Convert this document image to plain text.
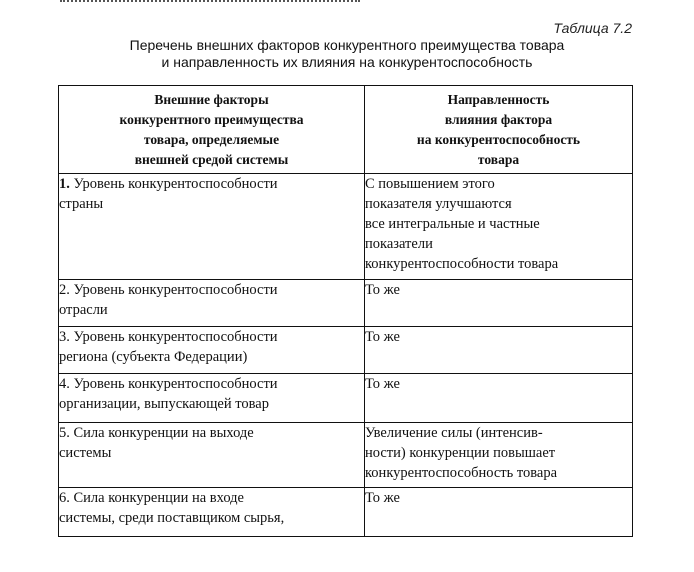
Таблица 7.2
Перечень внешних факторов конкурентного преимущества товара
и направленность их влияния на конкурентоспособность
Внешние факторы
конкурентного преимущества
товара, определяемые
внешней средой системы	Направленность
влияния фактора
на конкурентоспособность
товара

1. Уровень конкурентоспособности
страны	С повышением этого
показателя улучшаются
все интегральные и частные
показатели
конкурентоспособности товара

2. Уровень конкурентоспособности
отрасли	То же

3. Уровень конкурентоспособности
региона (субъекта Федерации)	То же

4. Уровень конкурентоспособности
организации, выпускающей товар	То же

5. Сила конкуренции на выходе
системы	Увеличение силы (интенсив-
ности) конкуренции повышает
конкурентоспособность товара

6. Сила конкуренции на входе
системы, среди поставщиком сырья,	То же
